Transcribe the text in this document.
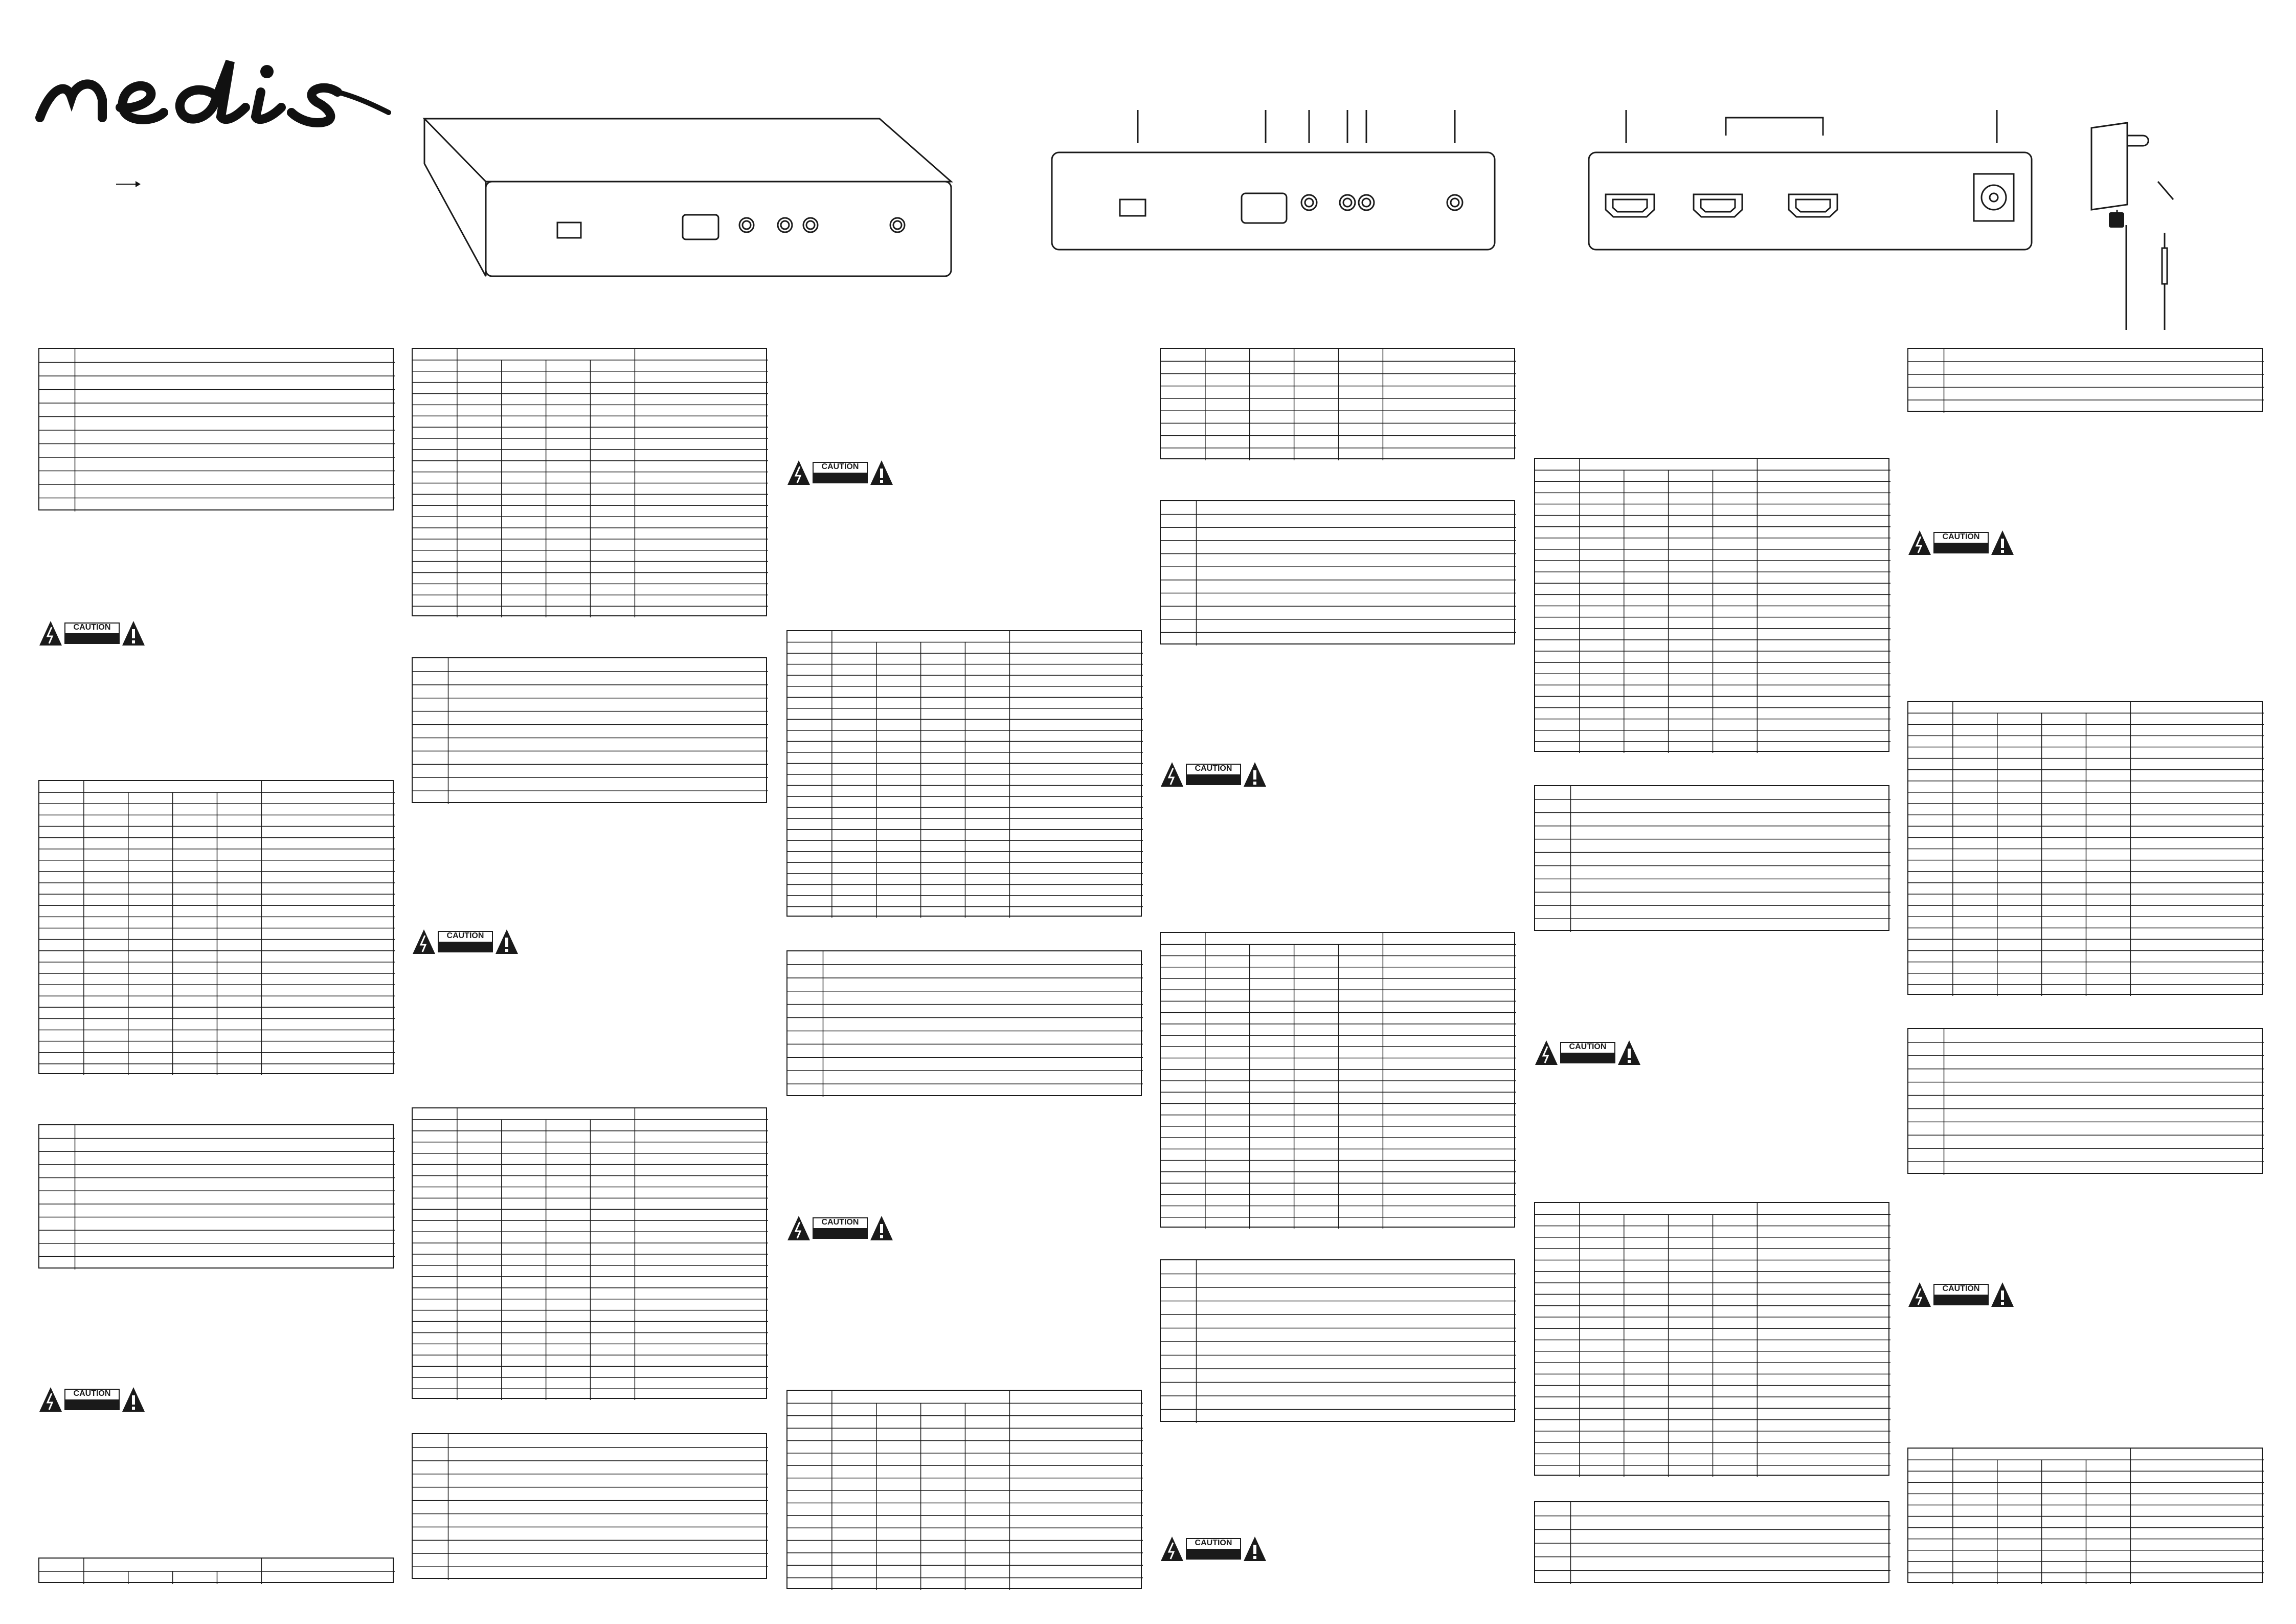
CAUTION
CAUTION
CAUTION
CAUTION
CAUTION
CAUTION
CAUTION
CAUTION
CAUTION
CAUTION
